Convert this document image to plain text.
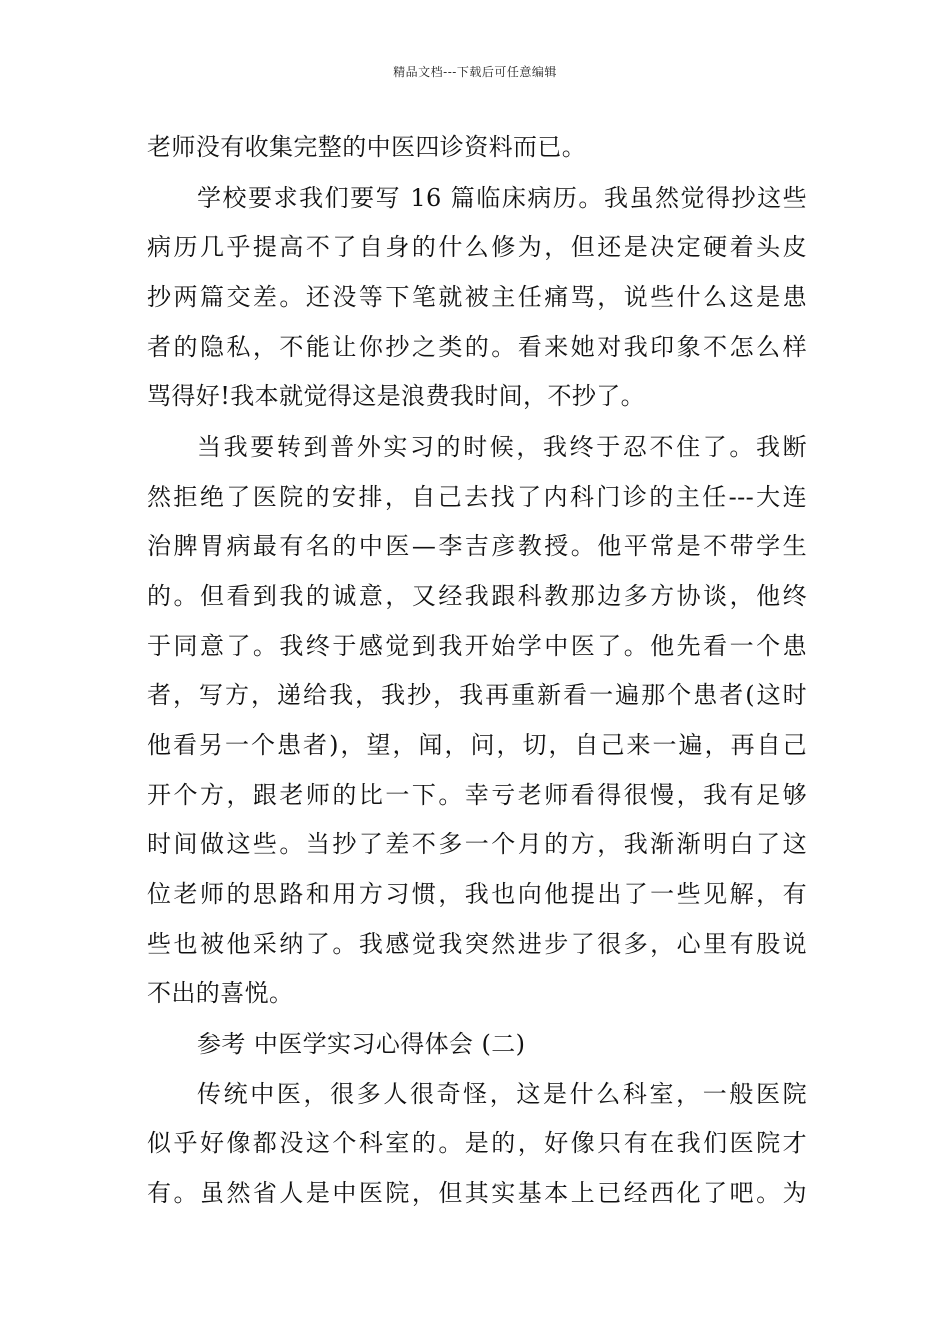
精品文档---下载后可任意编辑
老师没有收集完整的中医四诊资料而已。
学校要求我们要写 16 篇临床病历。我虽然觉得抄这些
病历几乎提高不了自身的什么修为，但还是决定硬着头皮
抄两篇交差。还没等下笔就被主任痛骂，说些什么这是患
者的隐私，不能让你抄之类的。看来她对我印象不怎么样
骂得好!我本就觉得这是浪费我时间，不抄了。
当我要转到普外实习的时候，我终于忍不住了。我断
然拒绝了医院的安排，自己去找了内科门诊的主任---大连
治脾胃病最有名的中医—李吉彦教授。他平常是不带学生
的。但看到我的诚意，又经我跟科教那边多方协谈，他终
于同意了。我终于感觉到我开始学中医了。他先看一个患
者，写方，递给我，我抄，我再重新看一遍那个患者(这时
他看另一个患者)，望，闻，问，切，自己来一遍，再自己
开个方，跟老师的比一下。幸亏老师看得很慢，我有足够
时间做这些。当抄了差不多一个月的方，我渐渐明白了这
位老师的思路和用方习惯，我也向他提出了一些见解，有
些也被他采纳了。我感觉我突然进步了很多，心里有股说
不出的喜悦。
参考 中医学实习心得体会 (二)
传统中医，很多人很奇怪，这是什么科室，一般医院
似乎好像都没这个科室的。是的，好像只有在我们医院才
有。虽然省人是中医院，但其实基本上已经西化了吧。为
